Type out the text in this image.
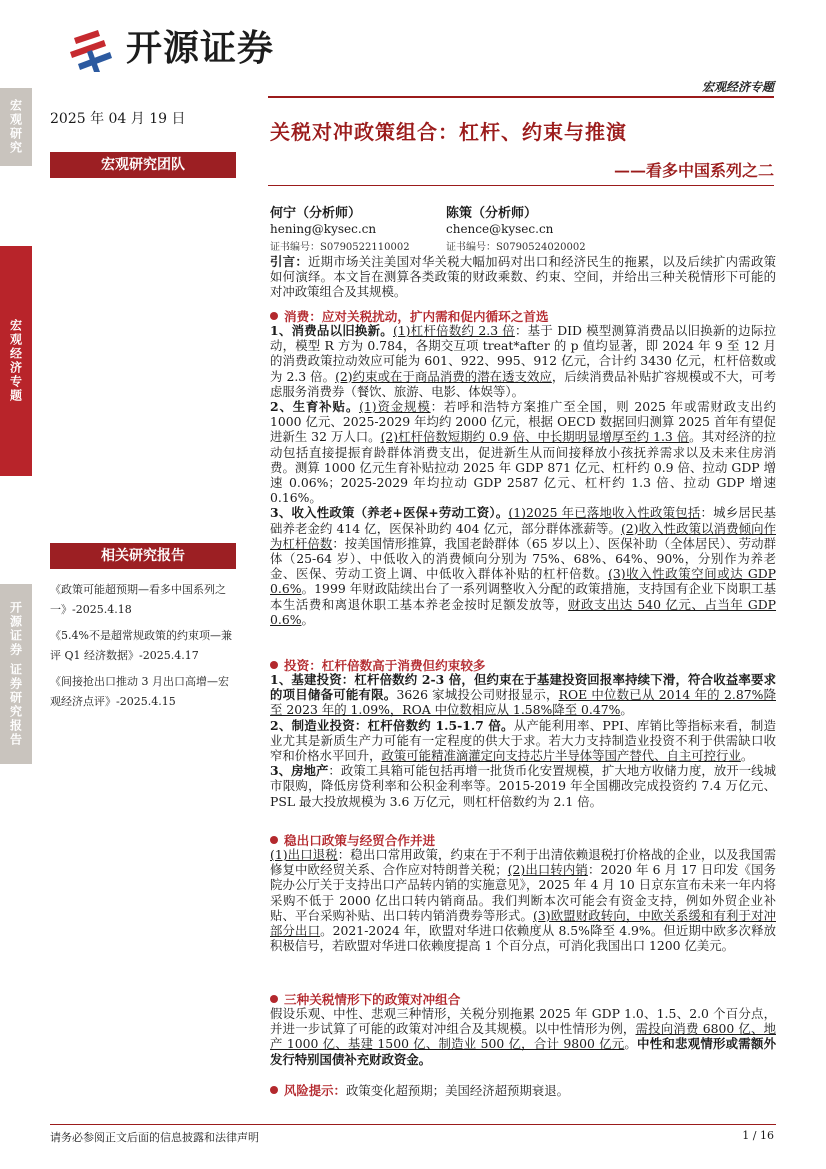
开源证券
宏观经济专题
宏观研究
宏观经济专题
开源证券 证券研究报告
2025 年 04 月 19 日
宏观研究团队
相关研究报告
《政策可能超预期—看多中国系列之一》-2025.4.18
《5.4%不是超常规政策的约束项—兼评 Q1 经济数据》-2025.4.17
《间接抢出口推动 3 月出口高增—宏观经济点评》-2025.4.15
关税对冲政策组合：杠杆、约束与推演
——看多中国系列之二
何宁（分析师）
hening@kysec.cn
证书编号：S0790522110002
陈策（分析师）
chence@kysec.cn
证书编号：S0790524020002

引言：近期市场关注美国对华关税大幅加码对出口和经济民生的拖累，以及后续扩内需政策如何演绎。本文旨在测算各类政策的财政乘数、约束、空间，并给出三种关税情形下可能的对冲政策组合及其规模。

消费：应对关税扰动，扩内需和促内循环之首选

1、消费品以旧换新。(1)杠杆倍数约 2.3 倍：基于 DID 模型测算消费品以旧换新的边际拉动，模型 R 方为 0.784，各期交互项 treat*after 的 p 值均显著，即 2024 年 9 至 12 月的消费政策拉动效应可能为 601、922、995、912 亿元，合计约 3430 亿元，杠杆倍数或为 2.3 倍。(2)约束或在于商品消费的潜在透支效应，后续消费品补贴扩容规模或不大，可考虑服务消费券（餐饮、旅游、电影、体娱等）。

2、生育补贴。(1)资金规模：若呼和浩特方案推广至全国，则 2025 年或需财政支出约 1000 亿元、2025-2029 年均约 2000 亿元，根据 OECD 数据回归测算 2025 首年有望促进新生 32 万人口。(2)杠杆倍数短期约 0.9 倍、中长期明显增厚至约 1.3 倍。其对经济的拉动包括直接提振育龄群体消费支出，促进新生从而间接释放小孩抚养需求以及未来住房消费。测算 1000 亿元生育补贴拉动 2025 年 GDP 871 亿元、杠杆约 0.9 倍、拉动 GDP 增速 0.06%；2025-2029 年均拉动 GDP 2587 亿元、杠杆约 1.3 倍、拉动 GDP 增速 0.16%。

3、收入性政策（养老+医保+劳动工资）。(1)2025 年已落地收入性政策包括：城乡居民基础养老金约 414 亿，医保补助约 404 亿元，部分群体涨薪等。(2)收入性政策以消费倾向作为杠杆倍数：按美国情形推算，我国老龄群体（65 岁以上）、医保补助（全体居民）、劳动群体（25-64 岁）、中低收入的消费倾向分别为 75%、68%、64%、90%，分别作为养老金、医保、劳动工资上调、中低收入群体补贴的杠杆倍数。(3)收入性政策空间或达 GDP 0.6%。1999 年财政陆续出台了一系列调整收入分配的政策措施，支持国有企业下岗职工基本生活费和离退休职工基本养老金按时足额发放等，财政支出达 540 亿元、占当年 GDP 0.6%。

投资：杠杆倍数高于消费但约束较多

1、基建投资：杠杆倍数约 2-3 倍，但约束在于基建投资回报率持续下滑，符合收益率要求的项目储备可能有限。3626 家城投公司财报显示，ROE 中位数已从 2014 年的 2.87%降至 2023 年的 1.09%，ROA 中位数相应从 1.58%降至 0.47%。

2、制造业投资：杠杆倍数约 1.5-1.7 倍。从产能利用率、PPI、库销比等指标来看，制造业尤其是新质生产力可能有一定程度的供大于求。若大力支持制造业投资不利于供需缺口收窄和价格水平回升，政策可能精准滴灌定向支持芯片半导体等国产替代、自主可控行业。

3、房地产：政策工具箱可能包括再增一批货币化安置规模，扩大地方收储力度，放开一线城市限购，降低房贷利率和公积金利率等。2015-2019 年全国棚改完成投资约 7.4 万亿元、PSL 最大投放规模为 3.6 万亿元，则杠杆倍数约为 2.1 倍。

稳出口政策与经贸合作并进

(1)出口退税：稳出口常用政策，约束在于不利于出清依赖退税打价格战的企业，以及我国需修复中欧经贸关系、合作应对特朗普关税；(2)出口转内销：2020 年 6 月 17 日印发《国务院办公厅关于支持出口产品转内销的实施意见》，2025 年 4 月 10 日京东宣布未来一年内将采购不低于 2000 亿出口转内销商品。我们判断本次可能会有资金支持，例如外贸企业补贴、平台采购补贴、出口转内销消费券等形式。(3)欧盟财政转向，中欧关系缓和有利于对冲部分出口。2021-2024 年，欧盟对华进口依赖度从 8.5%降至 4.9%。但近期中欧多次释放积极信号，若欧盟对华进口依赖度提高 1 个百分点，可消化我国出口 1200 亿美元。

三种关税情形下的政策对冲组合

假设乐观、中性、悲观三种情形，关税分别拖累 2025 年 GDP 1.0、1.5、2.0 个百分点，并进一步试算了可能的政策对冲组合及其规模。以中性情形为例，需投向消费 6800 亿、地产 1000 亿、基建 1500 亿、制造业 500 亿，合计 9800 亿元。中性和悲观情形或需额外发行特别国债补充财政资金。

风险提示：政策变化超预期；美国经济超预期衰退。
请务必参阅正文后面的信息披露和法律声明	1 / 16
